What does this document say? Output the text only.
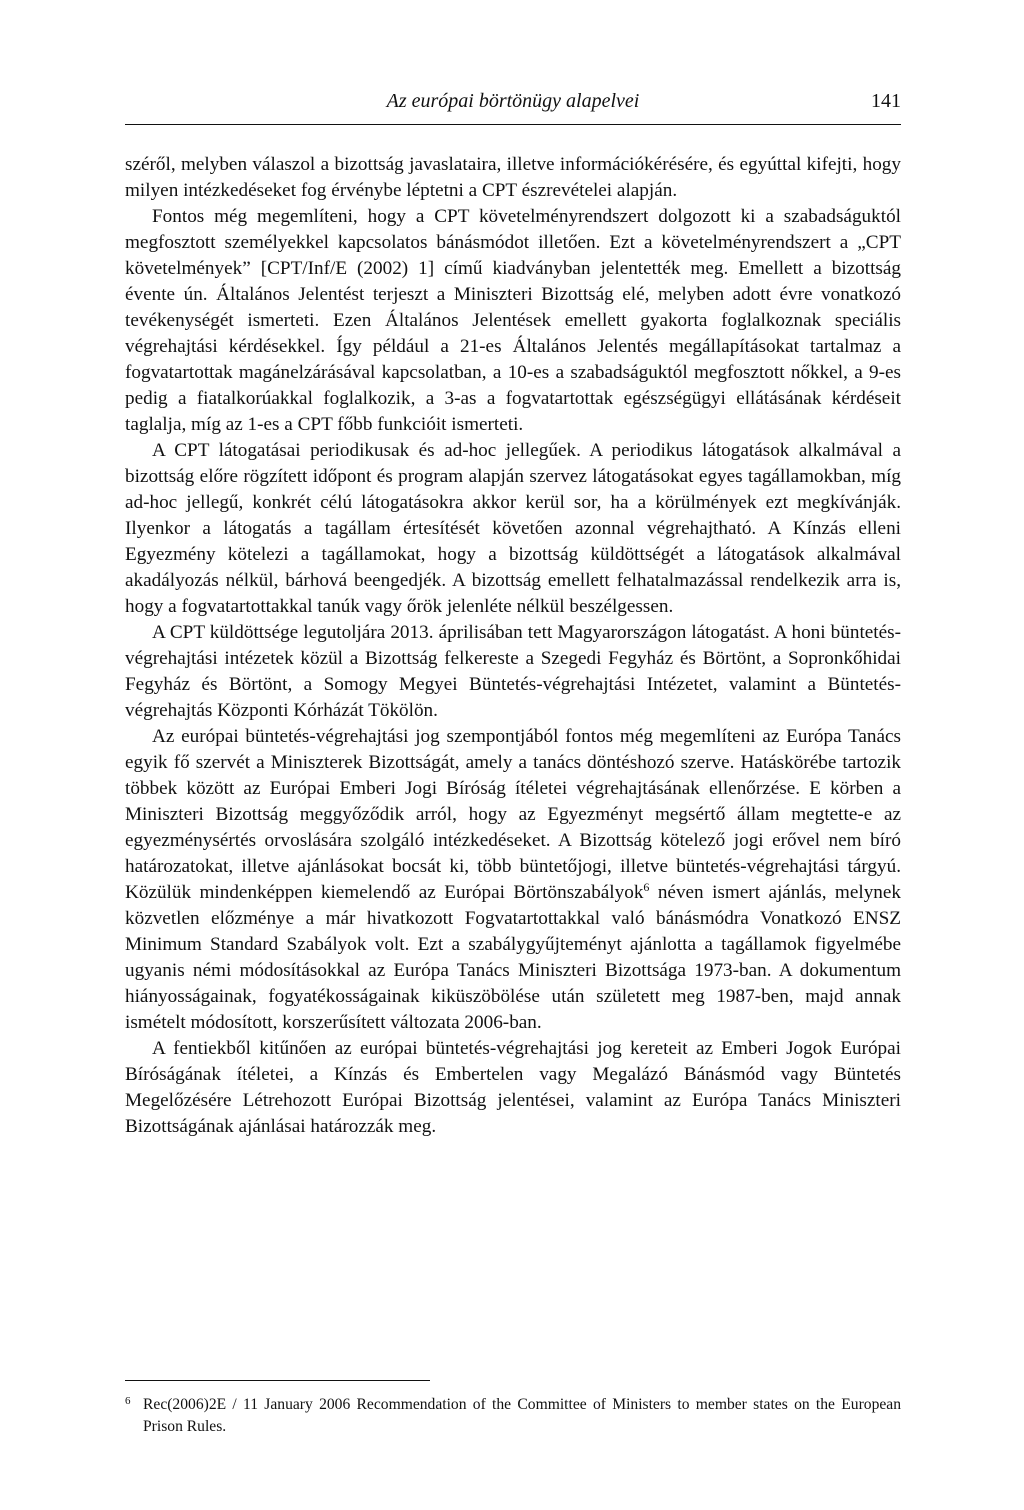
Az európai börtönügy alapelvei	141

széről, melyben válaszol a bizottság javaslataira, illetve információkérésére, és egyúttal kifejti, hogy milyen intézkedéseket fog érvénybe léptetni a CPT észrevételei alapján.

Fontos még megemlíteni, hogy a CPT követelményrendszert dolgozott ki a szabadságuktól megfosztott személyekkel kapcsolatos bánásmódot illetően. Ezt a követelményrendszert a „CPT követelmények” [CPT/Inf/E (2002) 1] című kiadványban jelentették meg. Emellett a bizottság évente ún. Általános Jelentést terjeszt a Miniszteri Bizottság elé, melyben adott évre vonatkozó tevékenységét ismerteti. Ezen Általános Jelentések emellett gyakorta foglalkoznak speciális végrehajtási kérdésekkel. Így például a 21-es Általános Jelentés megállapításokat tartalmaz a fogvatartottak magánelzárásával kapcsolatban, a 10-es a szabadságuktól megfosztott nőkkel, a 9-es pedig a fiatalkorúakkal foglalkozik, a 3-as a fogvatartottak egészségügyi ellátásának kérdéseit taglalja, míg az 1-es a CPT főbb funkcióit ismerteti.

A CPT látogatásai periodikusak és ad-hoc jellegűek. A periodikus látogatások alkalmával a bizottság előre rögzített időpont és program alapján szervez látogatásokat egyes tagállamokban, míg ad-hoc jellegű, konkrét célú látogatásokra akkor kerül sor, ha a körülmények ezt megkívánják. Ilyenkor a látogatás a tagállam értesítését követően azonnal végrehajtható. A Kínzás elleni Egyezmény kötelezi a tagállamokat, hogy a bizottság küldöttségét a látogatások alkalmával akadályozás nélkül, bárhová beengedjék. A bizottság emellett felhatalmazással rendelkezik arra is, hogy a fogvatartottakkal tanúk vagy őrök jelenléte nélkül beszélgessen.

A CPT küldöttsége legutoljára 2013. áprilisában tett Magyarországon látogatást. A honi büntetés-végrehajtási intézetek közül a Bizottság felkereste a Szegedi Fegyház és Börtönt, a Sopronkőhidai Fegyház és Börtönt, a Somogy Megyei Büntetés-végrehajtási Intézetet, valamint a Büntetés-végrehajtás Központi Kórházát Tökölön.

Az európai büntetés-végrehajtási jog szempontjából fontos még megemlíteni az Európa Tanács egyik fő szervét a Miniszterek Bizottságát, amely a tanács döntéshozó szerve. Hatáskörébe tartozik többek között az Európai Emberi Jogi Bíróság ítéletei végrehajtásának ellenőrzése. E körben a Miniszteri Bizottság meggyőződik arról, hogy az Egyezményt megsértő állam megtette-e az egyezménysértés orvoslására szolgáló intézkedéseket. A Bizottság kötelező jogi erővel nem bíró határozatokat, illetve ajánlásokat bocsát ki, több büntetőjogi, illetve büntetés-végrehajtási tárgyú. Közülük mindenképpen kiemelendő az Európai Börtönszabályok$^6$ néven ismert ajánlás, melynek közvetlen előzménye a már hivatkozott Fogvatartottakkal való bánásmódra Vonatkozó ENSZ Minimum Standard Szabályok volt. Ezt a szabálygyűjteményt ajánlotta a tagállamok figyelmébe ugyanis némi módosításokkal az Európa Tanács Miniszteri Bizottsága 1973-ban. A dokumentum hiányosságainak, fogyatékosságainak kiküszöbölése után született meg 1987-ben, majd annak ismételt módosított, korszerűsített változata 2006-ban.

A fentiekből kitűnően az európai büntetés-végrehajtási jog kereteit az Emberi Jogok Európai Bíróságának ítéletei, a Kínzás és Embertelen vagy Megalázó Bánásmód vagy Büntetés Megelőzésére Létrehozott Európai Bizottság jelentései, valamint az Európa Tanács Miniszteri Bizottságának ajánlásai határozzák meg.

6 Rec(2006)2E / 11 January 2006 Recommendation of the Committee of Ministers to member states on the European Prison Rules.
